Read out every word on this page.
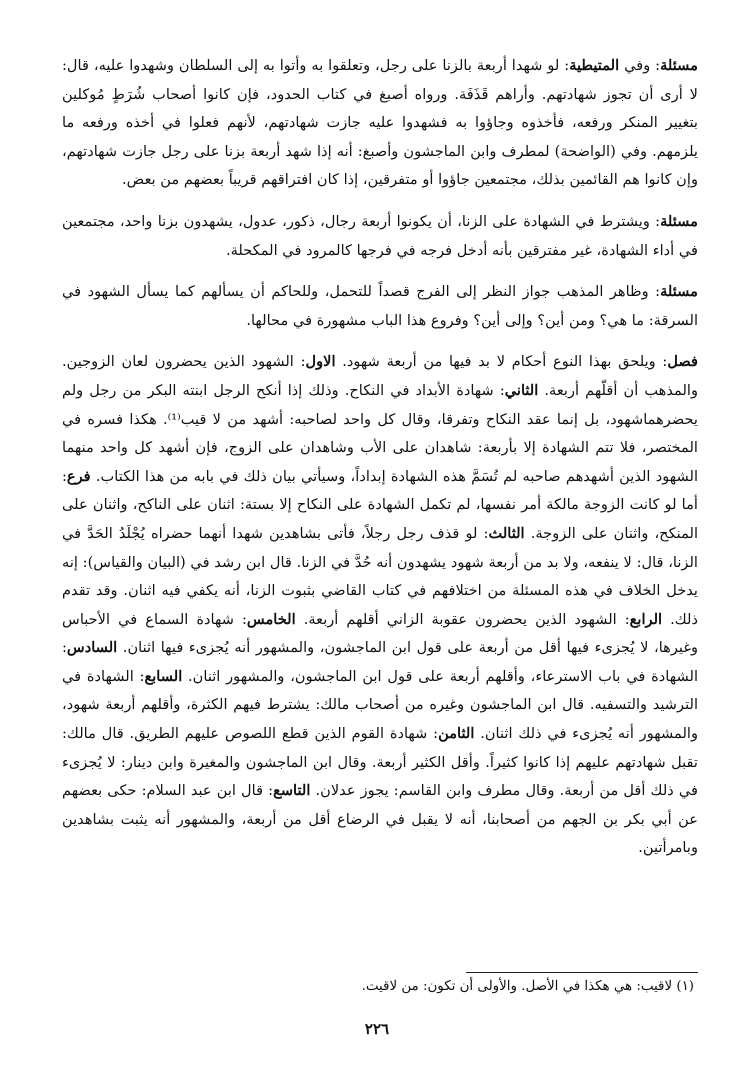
مسئلة: وفي المتيطية: لو شهدا أربعة بالزنا على رجل، وتعلقوا به وأتوا به إلى السلطان وشهدوا عليه، قال: لا أرى أن تجوز شهادتهم. وأراهم قَذَفَة. ورواه أصبغ في كتاب الحدود، فإن كانوا أصحاب شُرَطٍ مُوكلين بتغيير المنكر ورفعه، فأخذوه وجاؤوا به فشهدوا عليه جازت شهادتهم، لأنهم فعلوا في أخذه ورفعه ما يلزمهم. وفي (الواضحة) لمطرف وابن الماجشون وأصبغ: أنه إذا شهد أربعة بزنا على رجل جازت شهادتهم، وإن كانوا هم القائمين بذلك، مجتمعين جاؤوا أو متفرقين، إذا كان افتراقهم قريباً بعضهم من بعض.

مسئلة: ويشترط في الشهادة على الزنا، أن يكونوا أربعة رجال، ذكور، عدول، يشهدون بزنا واحد، مجتمعين في أداء الشهادة، غير مفترقين بأنه أدخل فرجه في فرجها كالمرود في المكحلة.

مسئلة: وظاهر المذهب جواز النظر إلى الفرج قصداً للتحمل، وللحاكم أن يسألهم كما يسأل الشهود في السرقة: ما هي؟ ومن أين؟ وإلى أين؟ وفروع هذا الباب مشهورة في محالها.

فصل: ويلحق بهذا النوع أحكام لا بد فيها من أربعة شهود. الاول: الشهود الذين يحضرون لعان الزوجين. والمذهب أن أقلّهم أربعة. الثاني: شهادة الأبداد في النكاح. وذلك إذا أنكح الرجل ابنته البكر من رجل ولم يحضرهماشهود، بل إنما عقد النكاح وتفرقا، وقال كل واحد لصاحبه: أشهد من لا قيب⁽¹⁾. هكذا فسره في المختصر، فلا تتم الشهادة إلا بأربعة: شاهدان على الأب وشاهدان على الزوج، فإن أشهد كل واحد منهما الشهود الذين أشهدهم صاحبه لم تُسَمَّ هذه الشهادة إبداداً، وسيأتي بيان ذلك في بابه من هذا الكتاب. فرع: أما لو كانت الزوجة مالكة أمر نفسها، لم تكمل الشهادة على النكاح إلا بستة: اثنان على الناكح، واثنان على المنكح، واثنان على الزوجة. الثالث: لو قذف رجل رجلاً، فأتى بشاهدين شهدا أنهما حضراه يُجْلَدُ الحَدَّ في الزنا، قال: لا ينفعه، ولا بد من أربعة شهود يشهدون أنه حُدَّ في الزنا. قال ابن رشد في (البيان والقياس): إنه يدخل الخلاف في هذه المسئلة من اختلافهم في كتاب القاضي بثبوت الزنا، أنه يكفي فيه اثنان. وقد تقدم ذلك. الرابع: الشهود الذين يحضرون عقوبة الزاني أقلهم أربعة. الخامس: شهادة السماع في الأحباس وغيرها، لا يُجزىء فيها أقل من أربعة على قول ابن الماجشون، والمشهور أنه يُجزىء فيها اثنان. السادس: الشهادة في باب الاسترعاء، وأقلهم أربعة على قول ابن الماجشون، والمشهور اثنان. السابع: الشهادة في الترشيد والتسفيه. قال ابن الماجشون وغيره من أصحاب مالك: يشترط فيهم الكثرة، وأقلهم أربعة شهود، والمشهور أنه يُجزىء في ذلك اثنان. الثامن: شهادة القوم الذين قطع اللصوص عليهم الطريق. قال مالك: تقبل شهادتهم عليهم إذا كانوا كثيراً. وأقل الكثير أربعة. وقال ابن الماجشون والمغيرة وابن دينار: لا يُجزىء في ذلك أقل من أربعة. وقال مطرف وابن القاسم: يجوز عدلان. التاسع: قال ابن عبد السلام: حكى بعضهم عن أبي بكر بن الجهم من أصحابنا، أنه لا يقبل في الرضاع أقل من أربعة، والمشهور أنه يثبت بشاهدين وبامرأتين.

(١) لاقيب: هي هكذا في الأصل. والأولى أن تكون: من لاقيت.
٢٢٦
